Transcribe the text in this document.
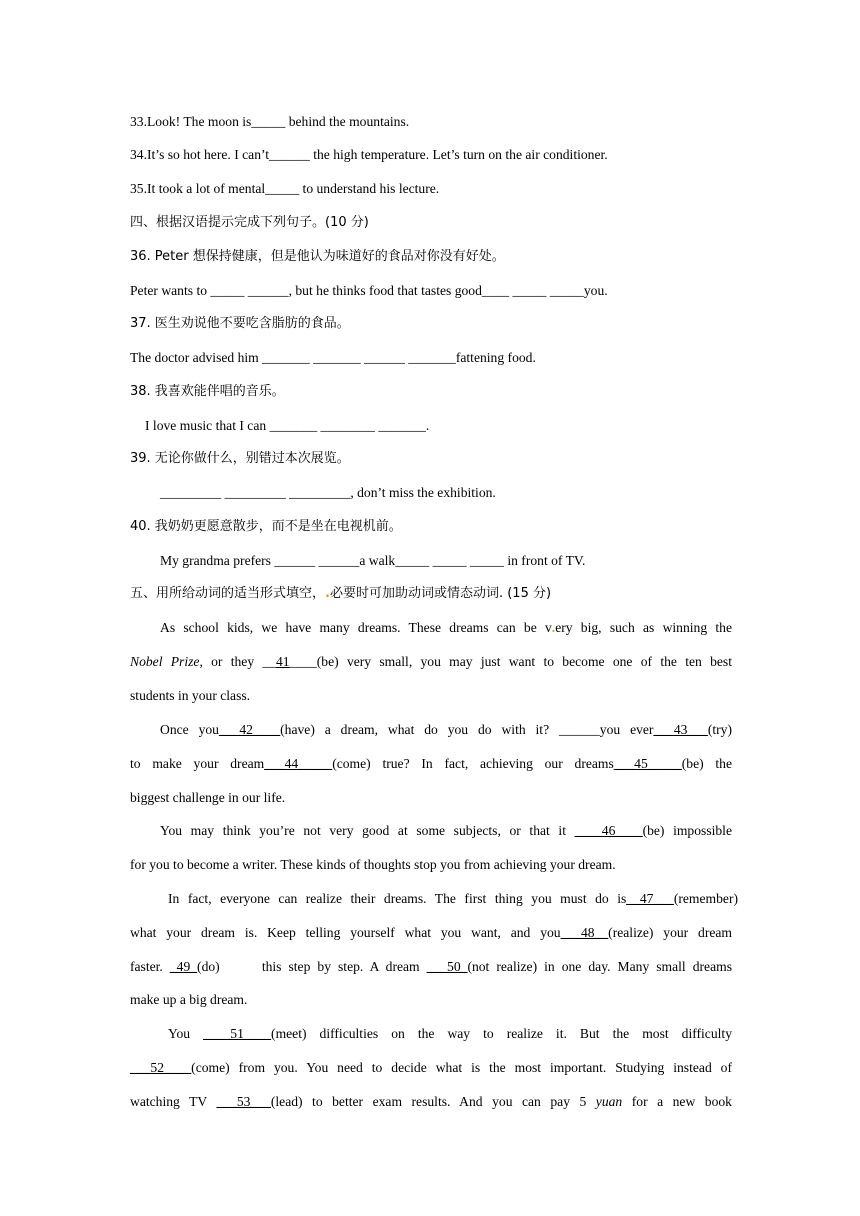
33.Look! The moon is_____ behind the mountains.
34.It’s so hot here. I can’t______ the high temperature. Let’s turn on the air conditioner.
35.It took a lot of mental_____ to understand his lecture.
四、根据汉语提示完成下列句子。(10 分)
36. Peter 想保持健康，但是他认为味道好的食品对你没有好处。
Peter wants to _____ ______, but he thinks food that tastes good____ _____ _____you.
37. 医生劝说他不要吃含脂肪的食品。
The doctor advised him _______ _______ ______ _______fattening food.
38. 我喜欢能伴唱的音乐。
I love music that I can _______ ________ _______.
39. 无论你做什么，别错过本次展览。
_________ _________ _________, don’t miss the exhibition.
40. 我奶奶更愿意散步，而不是坐在电视机前。
My grandma prefers ______ ______a walk_____ _____ _____ in front of TV.
五、用所给动词的适当形式填空，.必要时可加助动词或情态动词. (15 分)
As school kids, we have many dreams. These dreams can be v.ery big, such as winning the
Nobel Prize, or they __41____(be) very small, you may just want to become one of the ten best
students in your class.
Once you___42____(have) a dream, what do you do with it? ______you ever___43___(try)
to make your dream___44_____(come) true? In fact, achieving our dreams___45_____(be) the
biggest challenge in our life.
You may think you’re not very good at some subjects, or that it ____46____(be) impossible
for you to become a writer. These kinds of thoughts stop you from achieving your dream.
In fact, everyone can realize their dreams. The first thing you must do is__47___(remember)
what your dream is. Keep telling yourself what you want, and you___48__(realize) your dream
faster. _49_(do)      this step by step. A dream ___50_(not realize) in one day. Many small dreams
make up a big dream.
You ____51____(meet) difficulties on the way to realize it. But the most difficulty
___52____(come) from you. You need to decide what is the most important. Studying instead of
watching TV ___53___(lead) to better exam results. And you can pay 5 yuan for a new book
